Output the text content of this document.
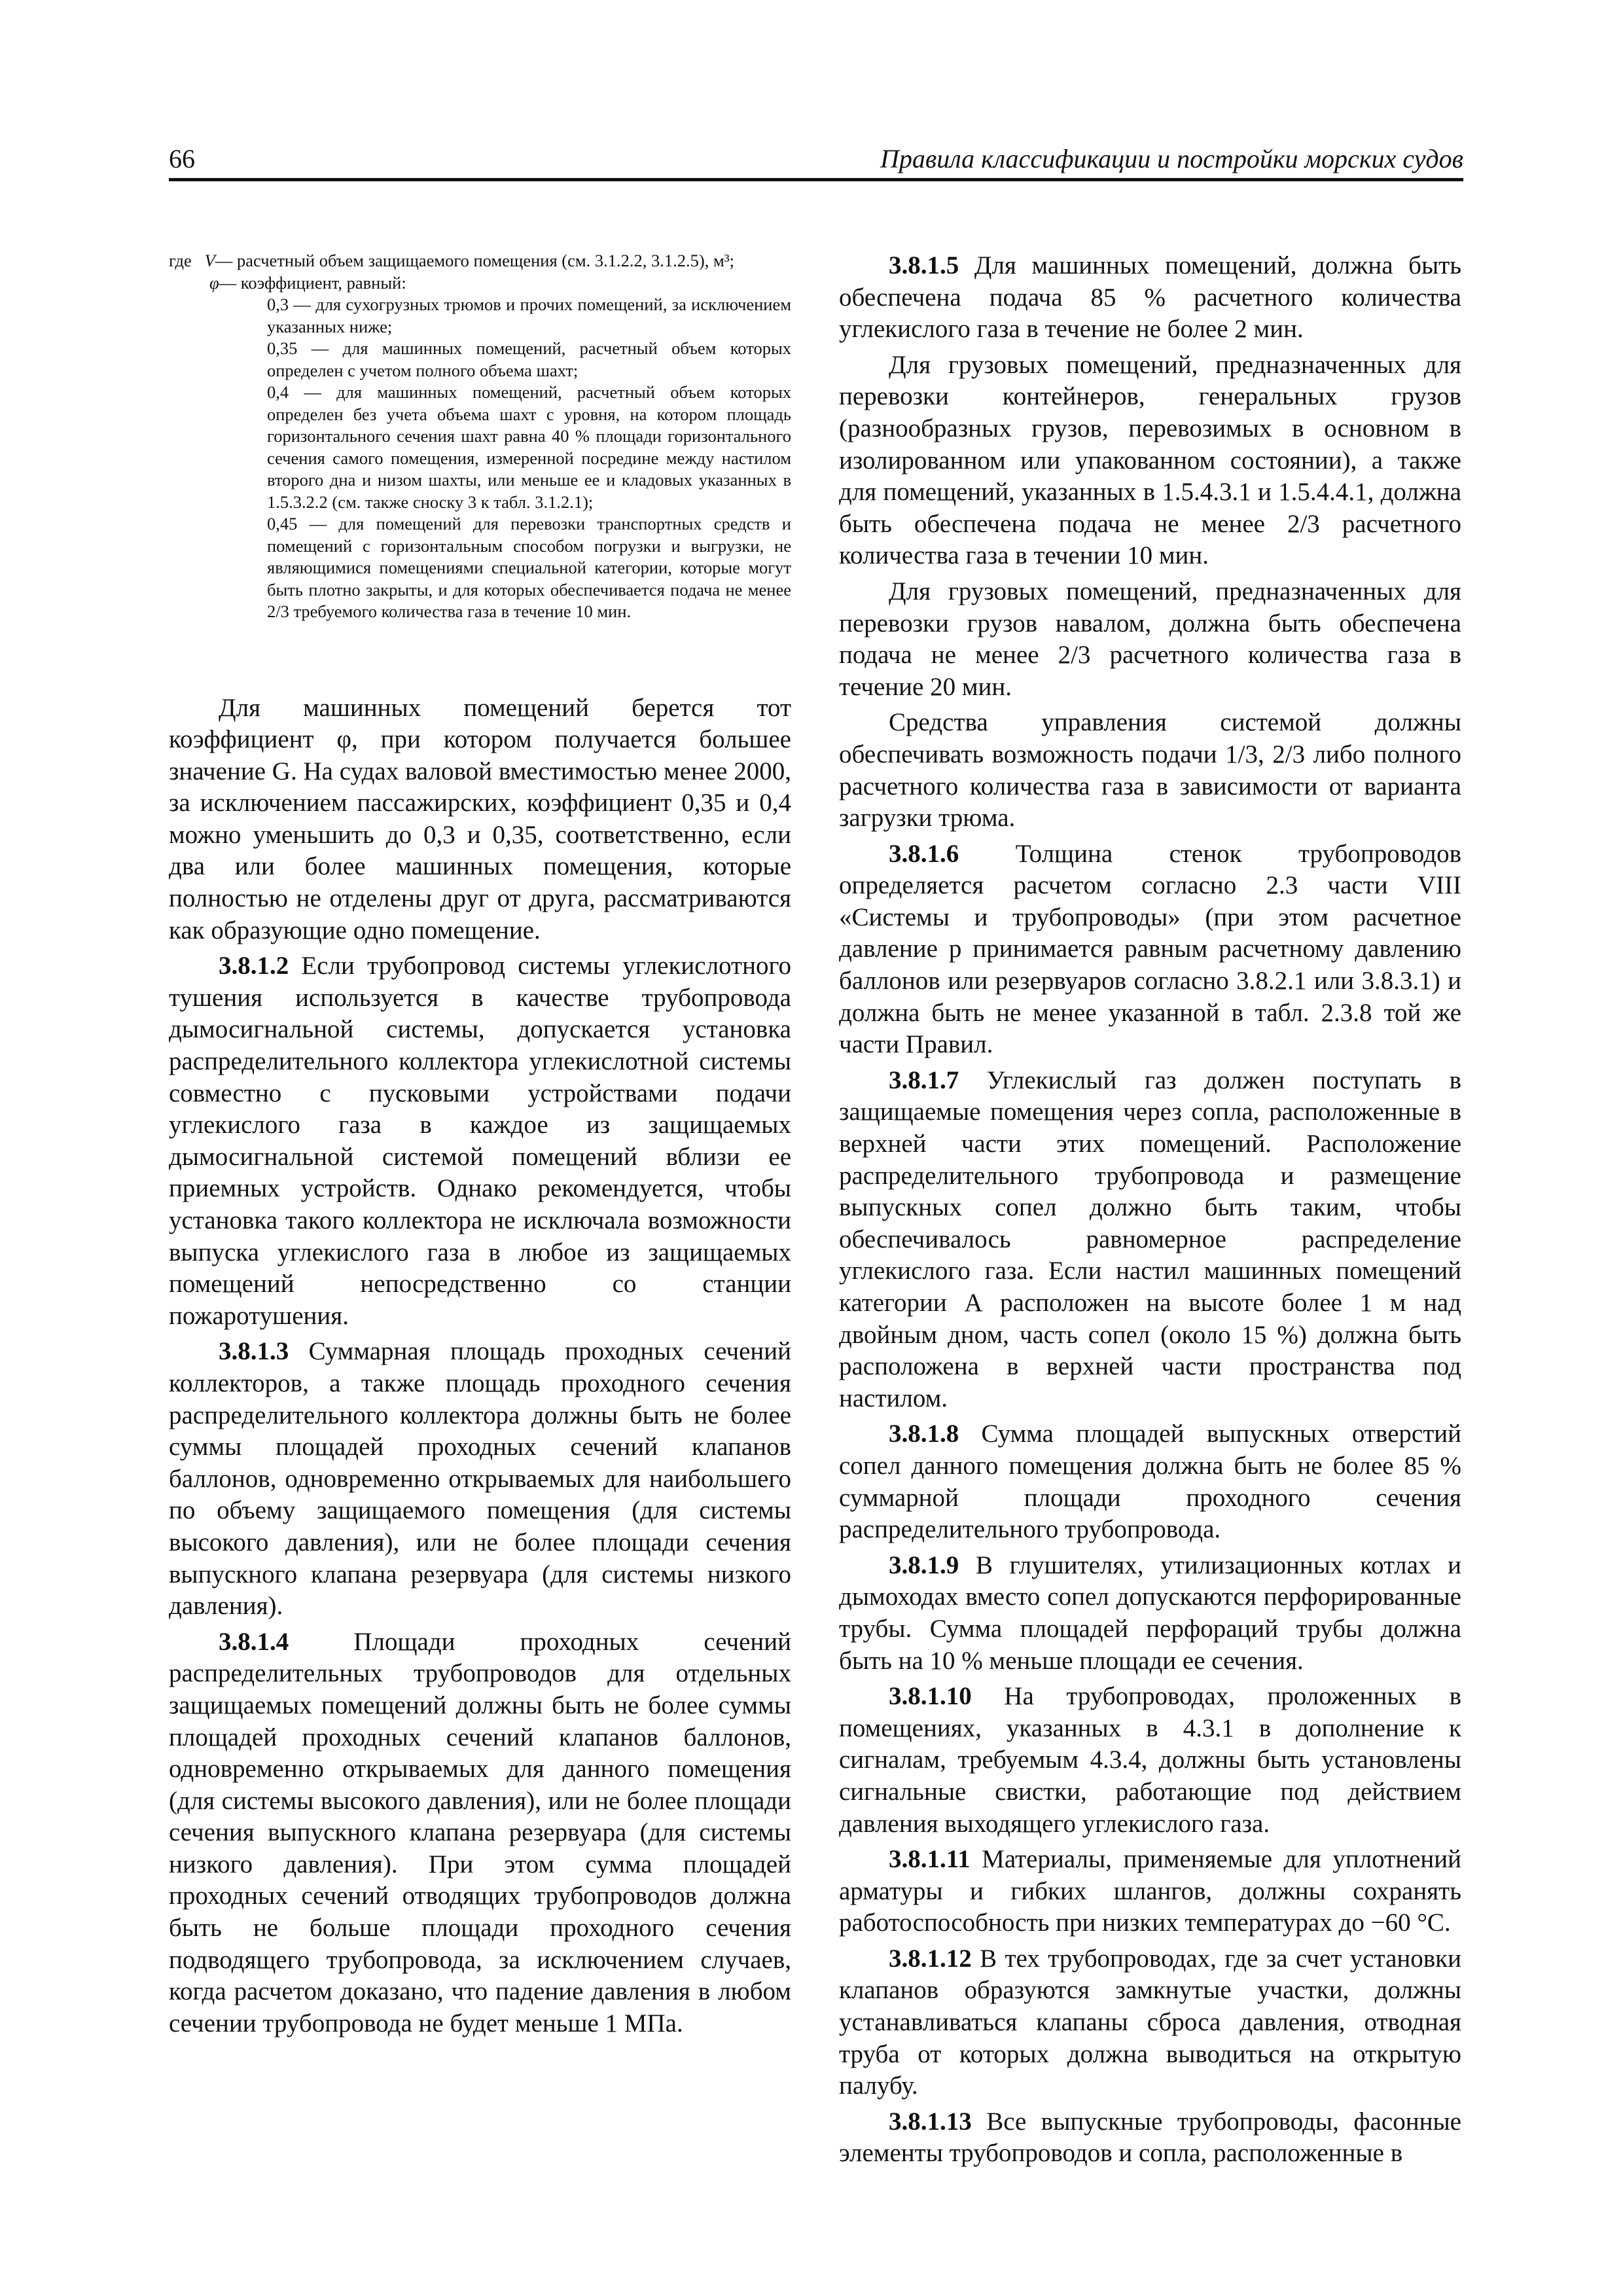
66	Правила классификации и постройки морских судов
где V — расчетный объем защищаемого помещения (см. 3.1.2.2, 3.1.2.5), м³;
φ — коэффициент, равный:
0,3 — для сухогрузных трюмов и прочих помещений, за исключением указанных ниже;
0,35 — для машинных помещений, расчетный объем которых определен с учетом полного объема шахт;
0,4 — для машинных помещений, расчетный объем которых определен без учета объема шахт с уровня, на котором площадь горизонтального сечения шахт равна 40 % площади горизонтального сечения самого помещения, измеренной посредине между настилом второго дна и низом шахты, или меньше ее и кладовых указанных в 1.5.3.2.2 (см. также сноску 3 к табл. 3.1.2.1);
0,45 — для помещений для перевозки транспортных средств и помещений с горизонтальным способом погрузки и выгрузки, не являющимися помещениями специальной категории, которые могут быть плотно закрыты, и для которых обеспечивается подача не менее 2/3 требуемого количества газа в течение 10 мин.

Для машинных помещений берется тот коэффициент φ, при котором получается большее значение G. На судах валовой вместимостью менее 2000, за исключением пассажирских, коэффициент 0,35 и 0,4 можно уменьшить до 0,3 и 0,35, соответственно, если два или более машинных помещения, которые полностью не отделены друг от друга, рассматриваются как образующие одно помещение.

3.8.1.2 Если трубопровод системы углекислотного тушения используется в качестве трубопровода дымосигнальной системы, допускается установка распределительного коллектора углекислотной системы совместно с пусковыми устройствами подачи углекислого газа в каждое из защищаемых дымосигнальной системой помещений вблизи ее приемных устройств. Однако рекомендуется, чтобы установка такого коллектора не исключала возможности выпуска углекислого газа в любое из защищаемых помещений непосредственно со станции пожаротушения.

3.8.1.3 Суммарная площадь проходных сечений коллекторов, а также площадь проходного сечения распределительного коллектора должны быть не более суммы площадей проходных сечений клапанов баллонов, одновременно открываемых для наибольшего по объему защищаемого помещения (для системы высокого давления), или не более площади сечения выпускного клапана резервуара (для системы низкого давления).

3.8.1.4 Площади проходных сечений распределительных трубопроводов для отдельных защищаемых помещений должны быть не более суммы площадей проходных сечений клапанов баллонов, одновременно открываемых для данного помещения (для системы высокого давления), или не более площади сечения выпускного клапана резервуара (для системы низкого давления). При этом сумма площадей проходных сечений отводящих трубопроводов должна быть не больше площади проходного сечения подводящего трубопровода, за исключением случаев, когда расчетом доказано, что падение давления в любом сечении трубопровода не будет меньше 1 МПа.

3.8.1.5 Для машинных помещений, должна быть обеспечена подача 85 % расчетного количества углекислого газа в течение не более 2 мин.

Для грузовых помещений, предназначенных для перевозки контейнеров, генеральных грузов (разнообразных грузов, перевозимых в основном в изолированном или упакованном состоянии), а также для помещений, указанных в 1.5.4.3.1 и 1.5.4.4.1, должна быть обеспечена подача не менее 2/3 расчетного количества газа в течении 10 мин.

Для грузовых помещений, предназначенных для перевозки грузов навалом, должна быть обеспечена подача не менее 2/3 расчетного количества газа в течение 20 мин.

Средства управления системой должны обеспечивать возможность подачи 1/3, 2/3 либо полного расчетного количества газа в зависимости от варианта загрузки трюма.

3.8.1.6 Толщина стенок трубопроводов определяется расчетом согласно 2.3 части VIII «Системы и трубопроводы» (при этом расчетное давление p принимается равным расчетному давлению баллонов или резервуаров согласно 3.8.2.1 или 3.8.3.1) и должна быть не менее указанной в табл. 2.3.8 той же части Правил.

3.8.1.7 Углекислый газ должен поступать в защищаемые помещения через сопла, расположенные в верхней части этих помещений. Расположение распределительного трубопровода и размещение выпускных сопел должно быть таким, чтобы обеспечивалось равномерное распределение углекислого газа. Если настил машинных помещений категории А расположен на высоте более 1 м над двойным дном, часть сопел (около 15 %) должна быть расположена в верхней части пространства под настилом.

3.8.1.8 Сумма площадей выпускных отверстий сопел данного помещения должна быть не более 85 % суммарной площади проходного сечения распределительного трубопровода.

3.8.1.9 В глушителях, утилизационных котлах и дымоходах вместо сопел допускаются перфорированные трубы. Сумма площадей перфораций трубы должна быть на 10 % меньше площади ее сечения.

3.8.1.10 На трубопроводах, проложенных в помещениях, указанных в 4.3.1 в дополнение к сигналам, требуемым 4.3.4, должны быть установлены сигнальные свистки, работающие под действием давления выходящего углекислого газа.

3.8.1.11 Материалы, применяемые для уплотнений арматуры и гибких шлангов, должны сохранять работоспособность при низких температурах до −60 °С.

3.8.1.12 В тех трубопроводах, где за счет установки клапанов образуются замкнутые участки, должны устанавливаться клапаны сброса давления, отводная труба от которых должна выводиться на открытую палубу.

3.8.1.13 Все выпускные трубопроводы, фасонные элементы трубопроводов и сопла, расположенные в
